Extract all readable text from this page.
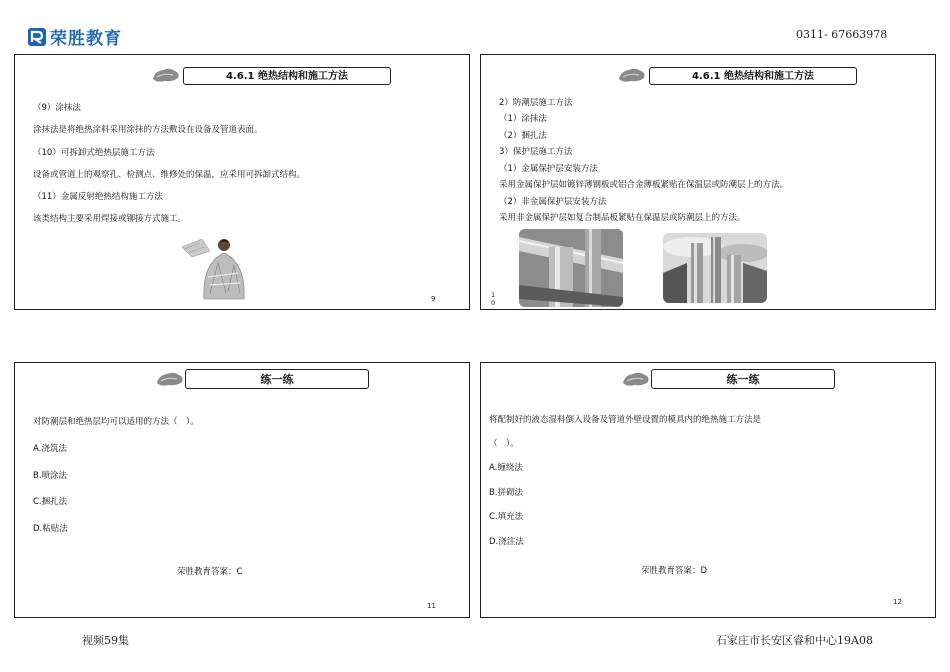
荣胜教育	0311- 67663978
4.6.1 绝热结构和施工方法
（9）涂抹法
涂抹法是将绝热涂料采用涂抹的方法敷设在设备及管道表面。
（10）可拆卸式绝热层施工方法
设备或管道上的观察孔、检测点、维修处的保温，应采用可拆卸式结构。
（11）金属反射绝热结构施工方法
该类结构主要采用焊接或铆接方式施工。
9
4.6.1 绝热结构和施工方法
2）防潮层施工方法
（1）涂抹法
（2）捆扎法
3）保护层施工方法
（1）金属保护层安装方法
采用金属保护层如镀锌薄钢板或铝合金薄板紧贴在保温层或防潮层上的方法。
（2）非金属保护层安装方法
采用非金属保护层如复合制品板紧贴在保温层或防潮层上的方法。
1
0
练一练
对防潮层和绝热层均可以适用的方法（　）。
A.浇筑法
B.喷涂法
C.捆扎法
D.粘贴法
荣胜教育答案：C
11
练一练
将配制好的液态湿料倒入设备及管道外壁设置的模具内的绝热施工方法是
（　）。
A.缠绕法
B.拼砌法
C.填充法
D.浇注法
荣胜教育答案：D
12
视频59集	石家庄市长安区睿和中心19A08
